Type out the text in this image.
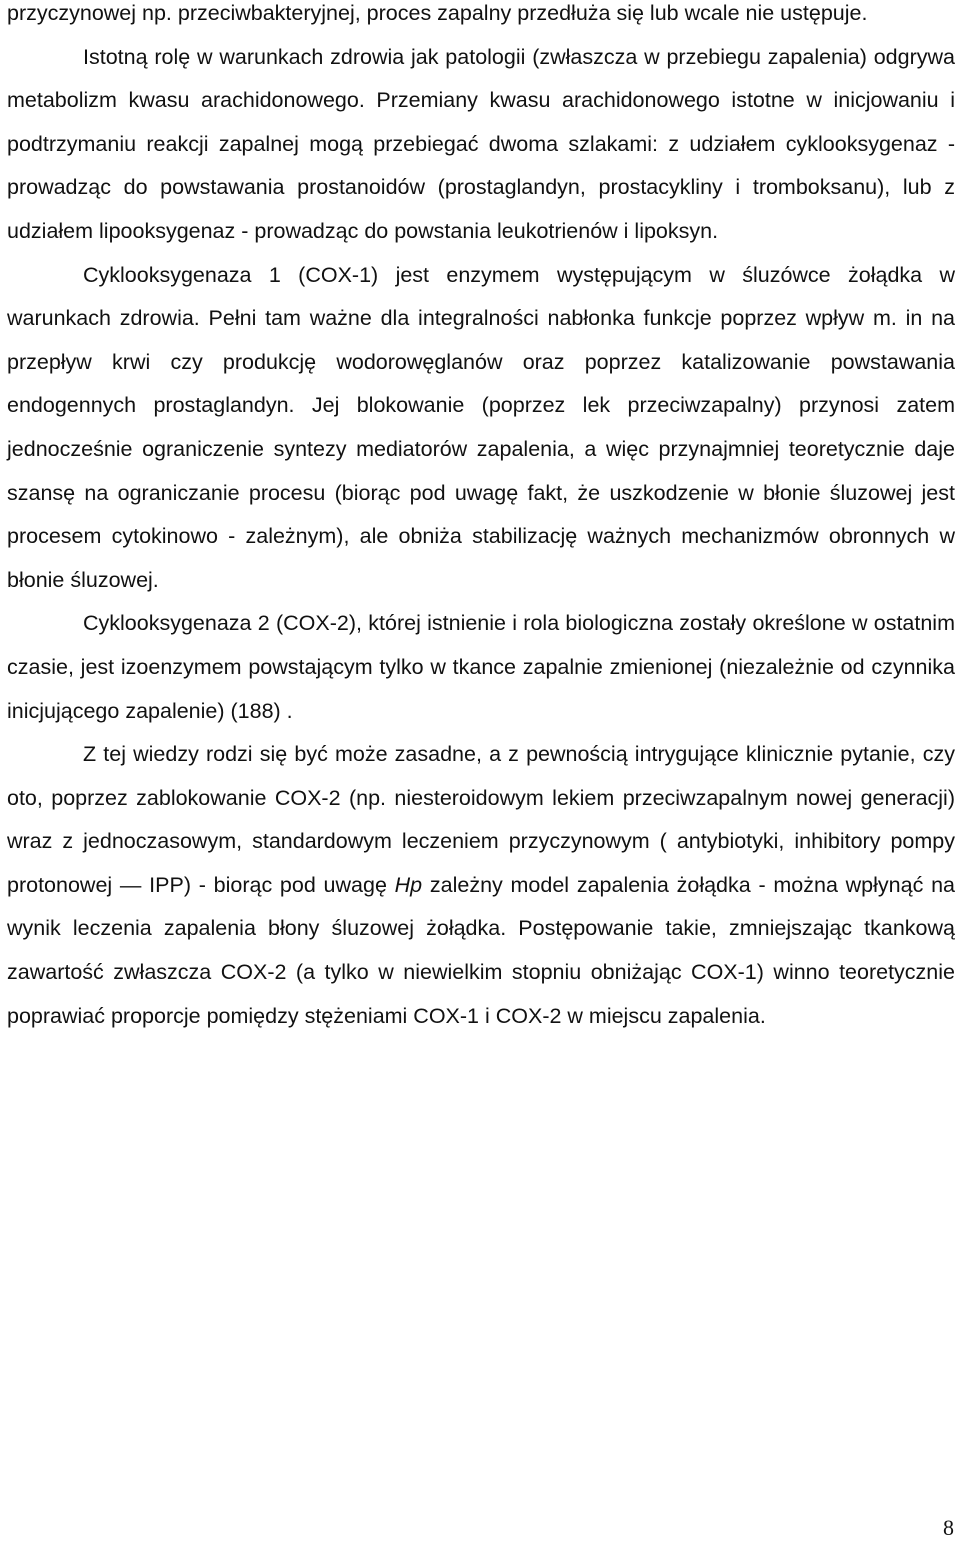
przyczynowej np. przeciwbakteryjnej, proces zapalny przedłuża się lub wcale nie ustępuje.

Istotną rolę w warunkach zdrowia jak patologii (zwłaszcza w przebiegu zapalenia) odgrywa metabolizm kwasu arachidonowego. Przemiany kwasu arachidonowego istotne w inicjowaniu i podtrzymaniu reakcji zapalnej mogą przebiegać dwoma szlakami: z udziałem cyklooksygenaz - prowadząc do powstawania prostanoidów (prostaglandyn, prostacykliny i tromboksanu), lub z udziałem lipooksygenaz - prowadząc do powstania leukotrienów i lipoksyn.

Cyklooksygenaza 1 (COX-1) jest enzymem występującym w śluzówce żołądka w warunkach zdrowia. Pełni tam ważne dla integralności nabłonka funkcje poprzez wpływ m. in na przepływ krwi czy produkcję wodorowęglanów oraz poprzez katalizowanie powstawania endogennych prostaglandyn. Jej blokowanie (poprzez lek przeciwzapalny) przynosi zatem jednocześnie ograniczenie syntezy mediatorów zapalenia, a więc przynajmniej teoretycznie daje szansę na ograniczanie procesu (biorąc pod uwagę fakt, że uszkodzenie w błonie śluzowej jest procesem cytokinowo - zależnym), ale obniża stabilizację ważnych mechanizmów obronnych w błonie śluzowej.

Cyklooksygenaza 2 (COX-2), której istnienie i rola biologiczna zostały określone w ostatnim czasie, jest izoenzymem powstającym tylko w tkance zapalnie zmienionej (niezależnie od czynnika inicjującego zapalenie) (188) .

Z tej wiedzy rodzi się być może zasadne, a z pewnością intrygujące klinicznie pytanie, czy oto, poprzez zablokowanie COX-2 (np. niesteroidowym lekiem przeciwzapalnym nowej generacji) wraz z jednoczasowym, standardowym leczeniem przyczynowym ( antybiotyki, inhibitory pompy protonowej — IPP) - biorąc pod uwagę Hp zależny model zapalenia żołądka - można wpłynąć na wynik leczenia zapalenia błony śluzowej żołądka. Postępowanie takie, zmniejszając tkankową zawartość zwłaszcza COX-2 (a tylko w niewielkim stopniu obniżając COX-1) winno teoretycznie poprawiać proporcje pomiędzy stężeniami COX-1 i COX-2 w miejscu zapalenia.

8
